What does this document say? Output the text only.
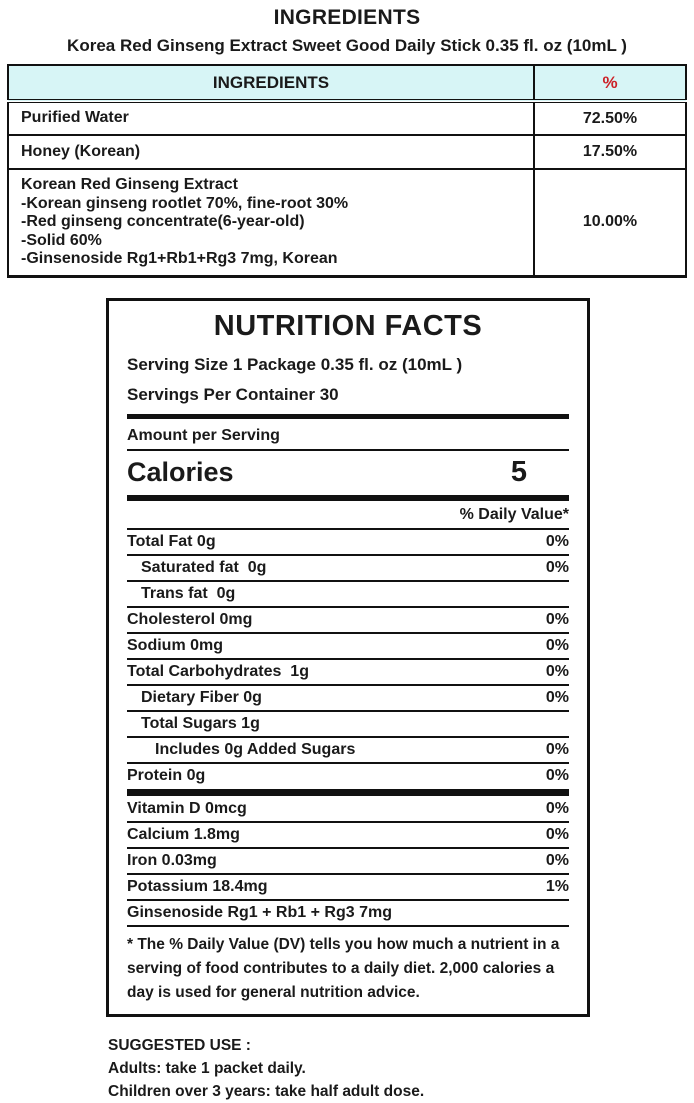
INGREDIENTS
Korea Red Ginseng Extract Sweet Good Daily Stick 0.35 fl. oz (10mL )
INGREDIENTS	%

Purified Water	72.50%

Honey (Korean)	17.50%

Korean Red Ginseng Extract
-Korean ginseng rootlet 70%, fine-root 30%
-Red ginseng concentrate(6-year-old)
-Solid 60%
-Ginsenoside Rg1+Rb1+Rg3 7mg, Korean	10.00%
NUTRITION FACTS
Serving Size 1 Package 0.35 fl. oz (10mL )
Servings Per Container 30
Amount per Serving
Calories	5
% Daily Value*
Total Fat 0g	0%
Saturated fat  0g	0%
Trans fat  0g
Cholesterol 0mg	0%
Sodium 0mg	0%
Total Carbohydrates  1g	0%
Dietary Fiber 0g	0%
Total Sugars 1g
Includes 0g Added Sugars	0%
Protein 0g	0%
Vitamin D 0mcg	0%
Calcium 1.8mg	0%
Iron 0.03mg	0%
Potassium 18.4mg	1%
Ginsenoside Rg1 + Rb1 + Rg3 7mg
* The % Daily Value (DV) tells you how much a nutrient in a serving of food contributes to a daily diet. 2,000 calories a day is used for general nutrition advice.
SUGGESTED USE :
Adults: take 1 packet daily.
Children over 3 years: take half adult dose.
